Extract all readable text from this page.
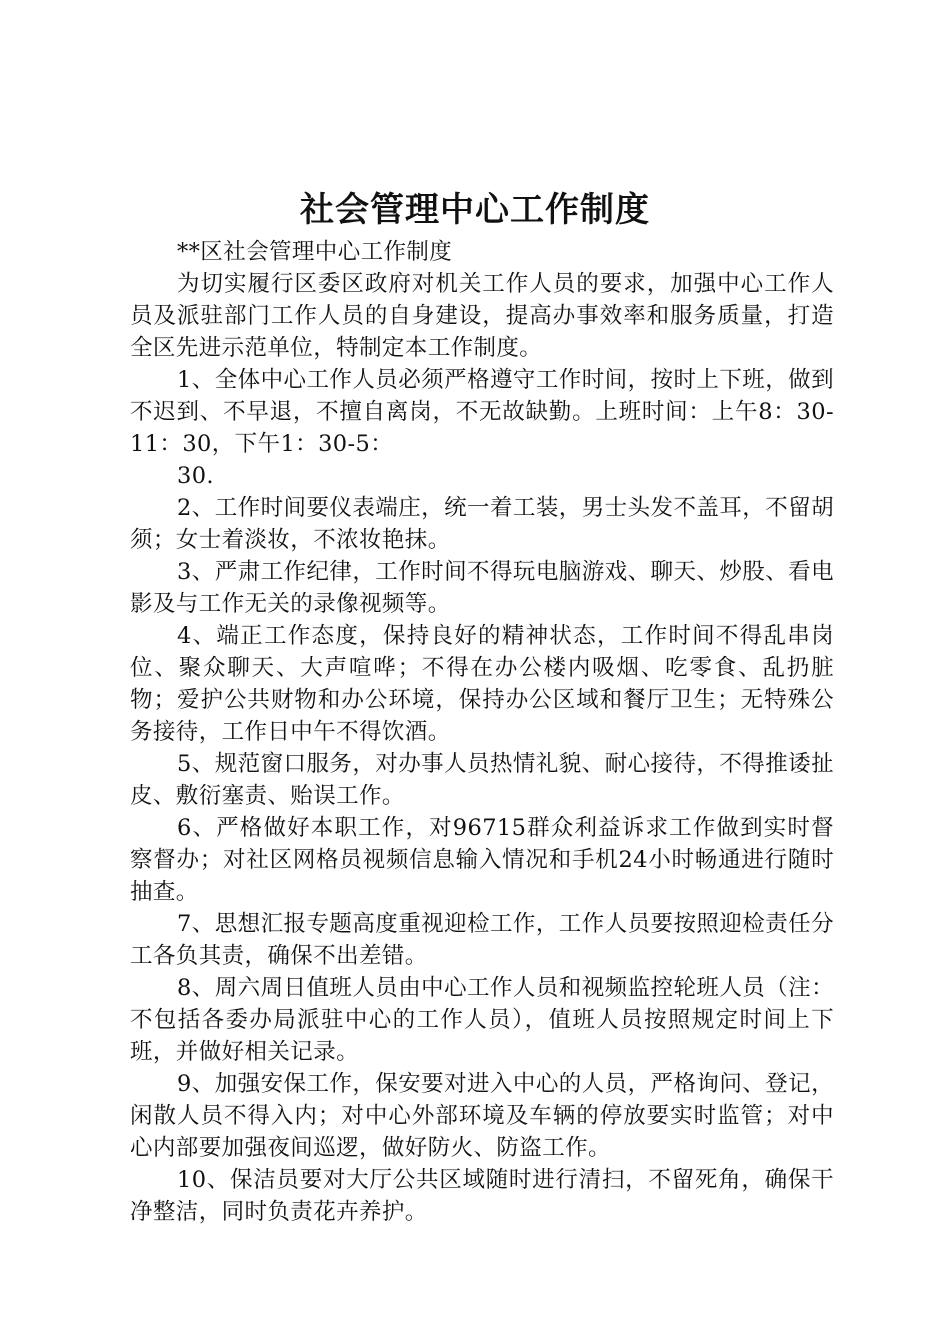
社会管理中心工作制度

**区社会管理中心工作制度

为切实履行区委区政府对机关工作人员的要求，加强中心工作人员及派驻部门工作人员的自身建设，提高办事效率和服务质量，打造全区先进示范单位，特制定本工作制度。

1、全体中心工作人员必须严格遵守工作时间，按时上下班，做到不迟到、不早退，不擅自离岗，不无故缺勤。上班时间：上午8：30-11：30，下午1：30-5：

30.

2、工作时间要仪表端庄，统一着工装，男士头发不盖耳，不留胡须；女士着淡妆，不浓妆艳抹。

3、严肃工作纪律，工作时间不得玩电脑游戏、聊天、炒股、看电影及与工作无关的录像视频等。

4、端正工作态度，保持良好的精神状态，工作时间不得乱串岗位、聚众聊天、大声喧哗；不得在办公楼内吸烟、吃零食、乱扔脏物；爱护公共财物和办公环境，保持办公区域和餐厅卫生；无特殊公务接待，工作日中午不得饮酒。

5、规范窗口服务，对办事人员热情礼貌、耐心接待，不得推诿扯皮、敷衍塞责、贻误工作。

6、严格做好本职工作，对96715群众利益诉求工作做到实时督察督办；对社区网格员视频信息输入情况和手机24小时畅通进行随时抽查。

7、思想汇报专题高度重视迎检工作，工作人员要按照迎检责任分工各负其责，确保不出差错。

8、周六周日值班人员由中心工作人员和视频监控轮班人员（注：不包括各委办局派驻中心的工作人员），值班人员按照规定时间上下班，并做好相关记录。

9、加强安保工作，保安要对进入中心的人员，严格询问、登记，闲散人员不得入内；对中心外部环境及车辆的停放要实时监管；对中心内部要加强夜间巡逻，做好防火、防盗工作。

10、保洁员要对大厅公共区域随时进行清扫，不留死角，确保干净整洁，同时负责花卉养护。
